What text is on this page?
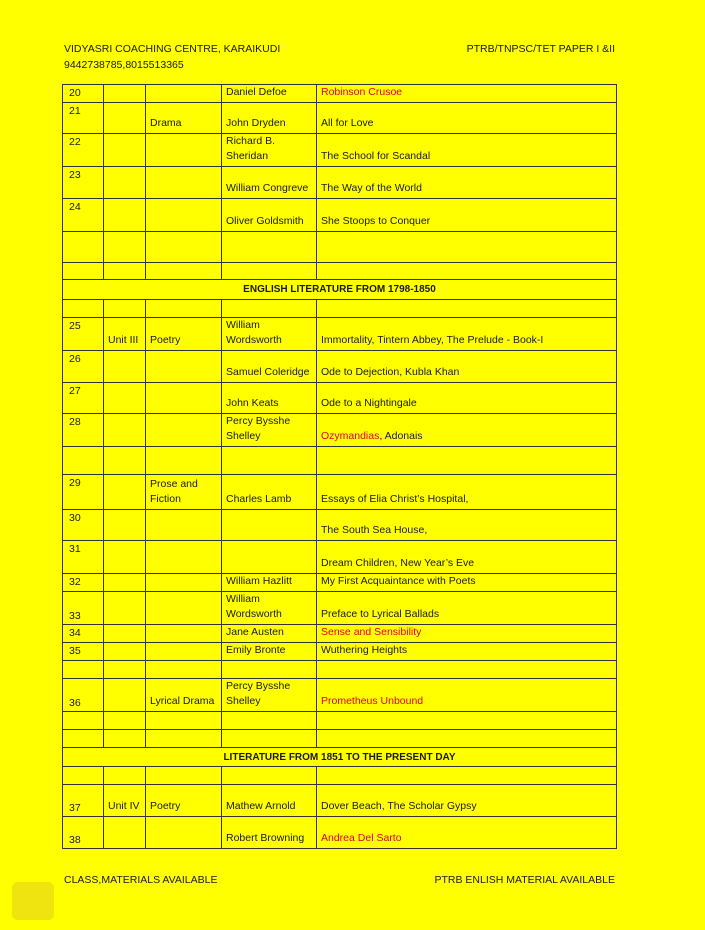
VIDYASRI COACHING CENTRE, KARAIKUDI
9442738785,8015513365
PTRB/TNPSC/TET PAPER I &II
20			Daniel Defoe	Robinson Crusoe
21		Drama	John Dryden	All for Love
22			Richard B. Sheridan	The School for Scandal
23			William Congreve	The Way of the World
24			Oliver Goldsmith	She Stoops to Conquer

ENGLISH LITERATURE FROM 1798-1850				

25	Unit III	Poetry	William Wordsworth	Immortality, Tintern Abbey, The Prelude - Book-I
26			Samuel Coleridge	Ode to Dejection, Kubla Khan
27			John Keats	Ode to a Nightingale
28			Percy Bysshe Shelley	Ozymandias, Adonais

29		Prose and Fiction	Charles Lamb	Essays of Elia Christ’s Hospital,
30				The South Sea House,
31				Dream Children, New Year’s Eve
32			William Hazlitt	My First Acquaintance with Poets
33			William Wordsworth	Preface to Lyrical Ballads
34			Jane Austen	Sense and Sensibility
35			Emily Bronte	Wuthering Heights

36		Lyrical Drama	Percy Bysshe Shelley	Prometheus Unbound

LITERATURE FROM 1851 TO THE PRESENT DAY				

37	Unit IV	Poetry	Mathew Arnold	Dover Beach, The Scholar Gypsy
38			Robert Browning	Andrea Del Sarto
CLASS,MATERIALS AVAILABLE	PTRB ENLISH MATERIAL AVAILABLE
